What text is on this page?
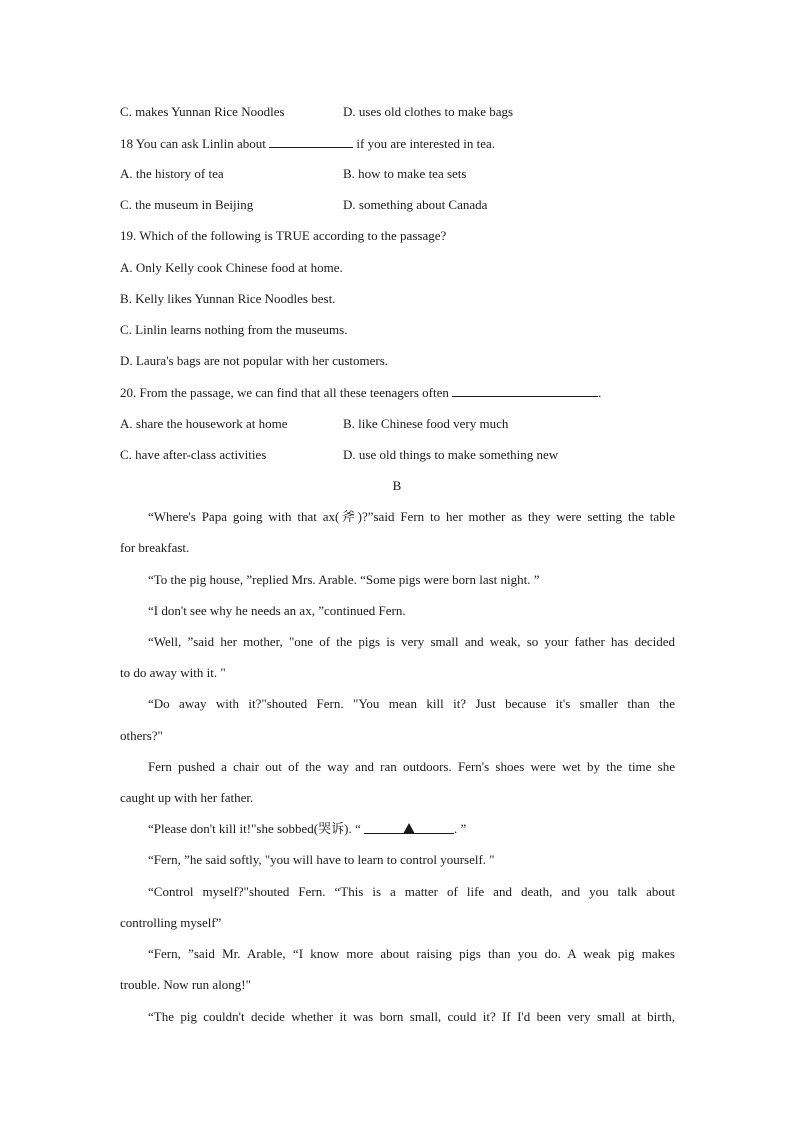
C. makes Yunnan Rice Noodles	D. uses old clothes to make bags
18 You can ask Linlin about	if you are interested in tea.
A. the history of tea	B. how to make tea sets
C. the museum in Beijing	D. something about Canada
19. Which of the following is TRUE according to the passage?
A. Only Kelly cook Chinese food at home.
B. Kelly likes Yunnan Rice Noodles best.
C. Linlin learns nothing from the museums.
D. Laura's bags are not popular with her customers.
20. From the passage, we can find that all these teenagers often	.
A. share the housework at home	B. like Chinese food very much
C. have after-class activities	D. use old things to make something new
B
“Where's Papa going with that ax(斧)?”said Fern to her mother as they were setting the table
for breakfast.
“To the pig house, ”replied Mrs. Arable. “Some pigs were born last night. ”
“I don't see why he needs an ax, ”continued Fern.
“Well, ”said her mother, "one of the pigs is very small and weak, so your father has decided
to do away with it. "
“Do away with it?"shouted Fern. "You mean kill it? Just because it's smaller than the
others?"
Fern pushed a chair out of the way and ran outdoors. Fern's shoes were wet by the time she
caught up with her father.
“Please don't kill it!"she sobbed(哭诉). “	. ”
“Fern, ”he said softly, "you will have to learn to control yourself. "
“Control myself?"shouted Fern. “This is a matter of life and death, and you talk about
controlling myself”
“Fern, ”said Mr. Arable, “I know more about raising pigs than you do. A weak pig makes
trouble. Now run along!"
“The pig couldn't decide whether it was born small, could it? If I'd been very small at birth,
